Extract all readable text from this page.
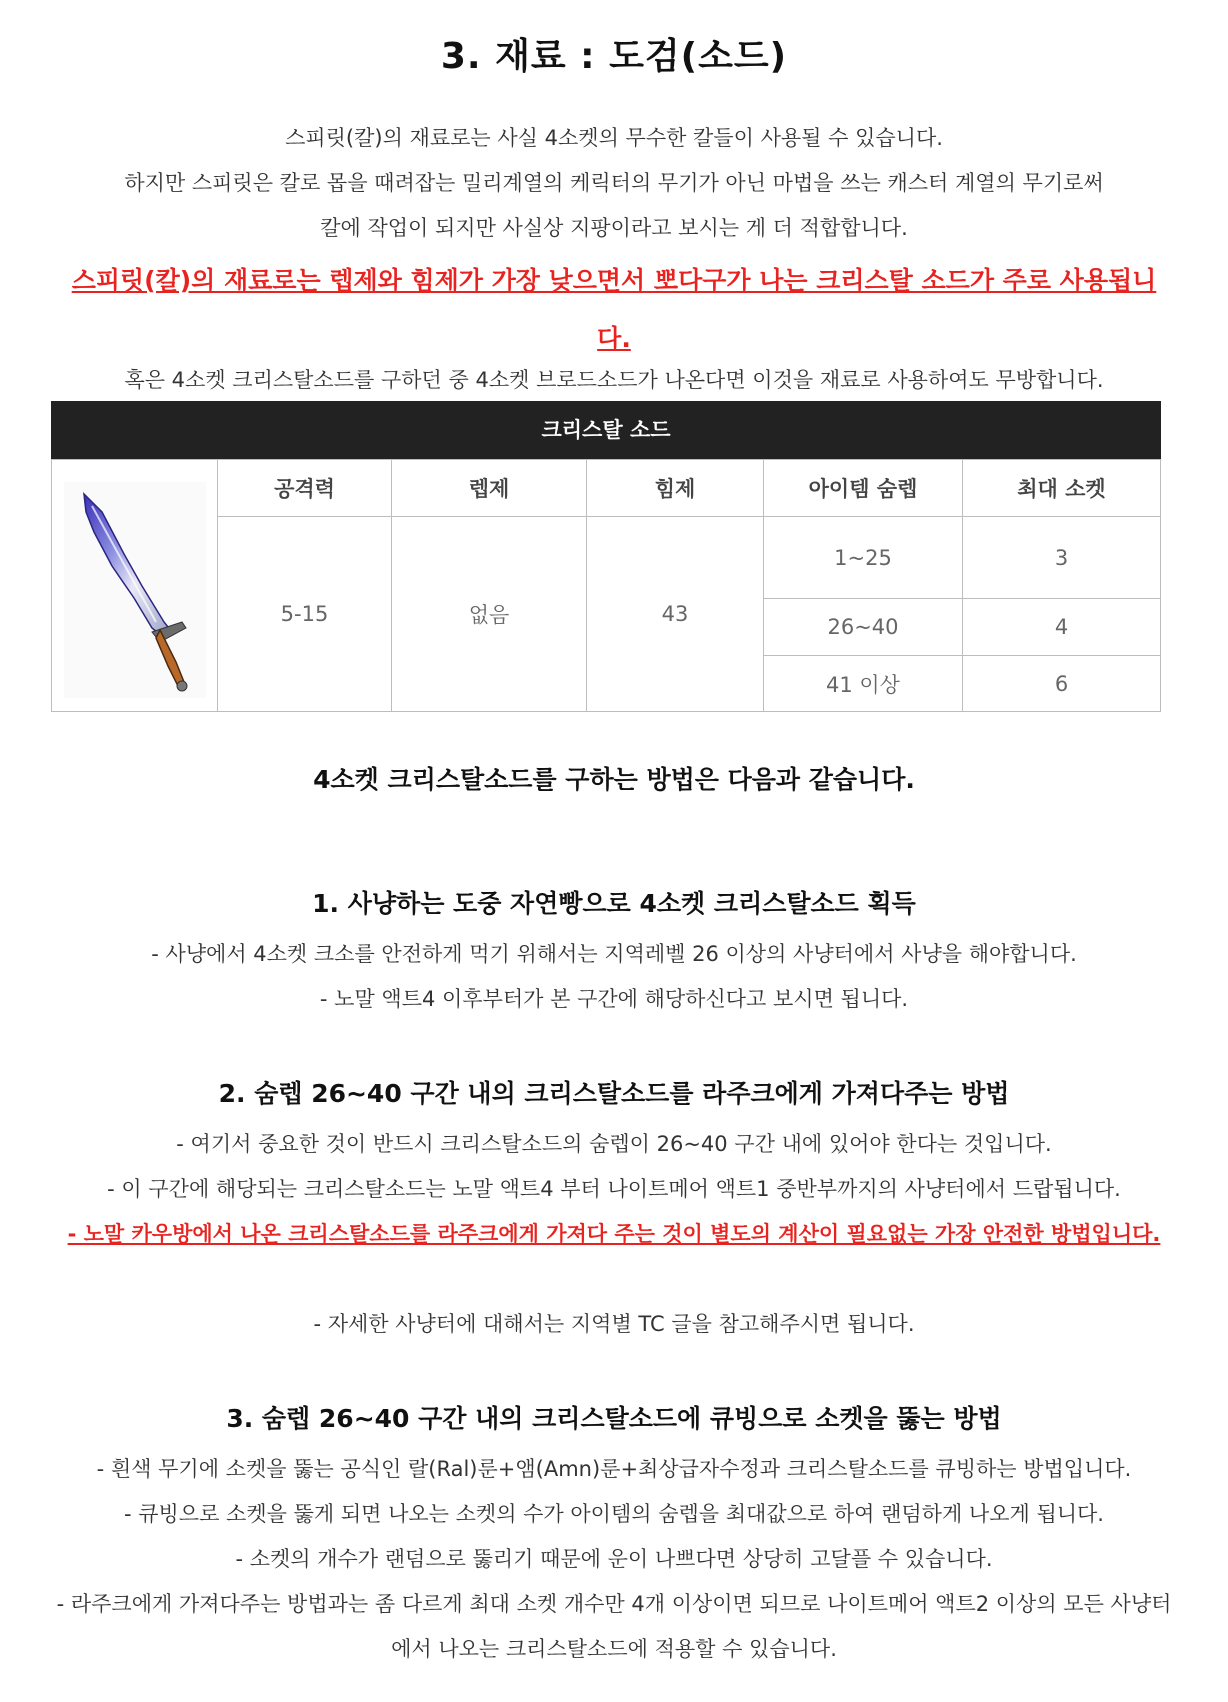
3. 재료 : 도검(소드)
스피릿(칼)의 재료로는 사실 4소켓의 무수한 칼들이 사용될 수 있습니다.
하지만 스피릿은 칼로 몹을 때려잡는 밀리계열의 케릭터의 무기가 아닌 마법을 쓰는 캐스터 계열의 무기로써
칼에 작업이 되지만 사실상 지팡이라고 보시는 게 더 적합합니다.
스피릿(칼)의 재료로는 렙제와 힘제가 가장 낮으면서 뽀다구가 나는 크리스탈 소드가 주로 사용됩니다.
혹은 4소켓 크리스탈소드를 구하던 중 4소켓 브로드소드가 나온다면 이것을 재료로 사용하여도 무방합니다.
크리스탈 소드
공격력	렙제	힘제	아이템 숨렙	최대 소켓
5-15	없음	43
1~25	3
26~40	4
41 이상	6
4소켓 크리스탈소드를 구하는 방법은 다음과 같습니다.
1. 사냥하는 도중 자연빵으로 4소켓 크리스탈소드 획득
- 사냥에서 4소켓 크소를 안전하게 먹기 위해서는 지역레벨 26 이상의 사냥터에서 사냥을 해야합니다.
- 노말 액트4 이후부터가 본 구간에 해당하신다고 보시면 됩니다.
2. 숨렙 26~40 구간 내의 크리스탈소드를 라주크에게 가져다주는 방법
- 여기서 중요한 것이 반드시 크리스탈소드의 숨렙이 26~40 구간 내에 있어야 한다는 것입니다.
- 이 구간에 해당되는 크리스탈소드는 노말 액트4 부터 나이트메어 액트1 중반부까지의 사냥터에서 드랍됩니다.
- 노말 카우방에서 나온 크리스탈소드를 라주크에게 가져다 주는 것이 별도의 계산이 필요없는 가장 안전한 방법입니다.
- 자세한 사냥터에 대해서는 지역별 TC 글을 참고해주시면 됩니다.
3. 숨렙 26~40 구간 내의 크리스탈소드에 큐빙으로 소켓을 뚫는 방법
- 흰색 무기에 소켓을 뚫는 공식인 랄(Ral)룬+앰(Amn)룬+최상급자수정과 크리스탈소드를 큐빙하는 방법입니다.
- 큐빙으로 소켓을 뚫게 되면 나오는 소켓의 수가 아이템의 숨렙을 최대값으로 하여 랜덤하게 나오게 됩니다.
- 소켓의 개수가 랜덤으로 뚫리기 때문에 운이 나쁘다면 상당히 고달플 수 있습니다.
- 라주크에게 가져다주는 방법과는 좀 다르게 최대 소켓 개수만 4개 이상이면 되므로 나이트메어 액트2 이상의 모든 사냥터에서 나오는 크리스탈소드에 적용할 수 있습니다.
